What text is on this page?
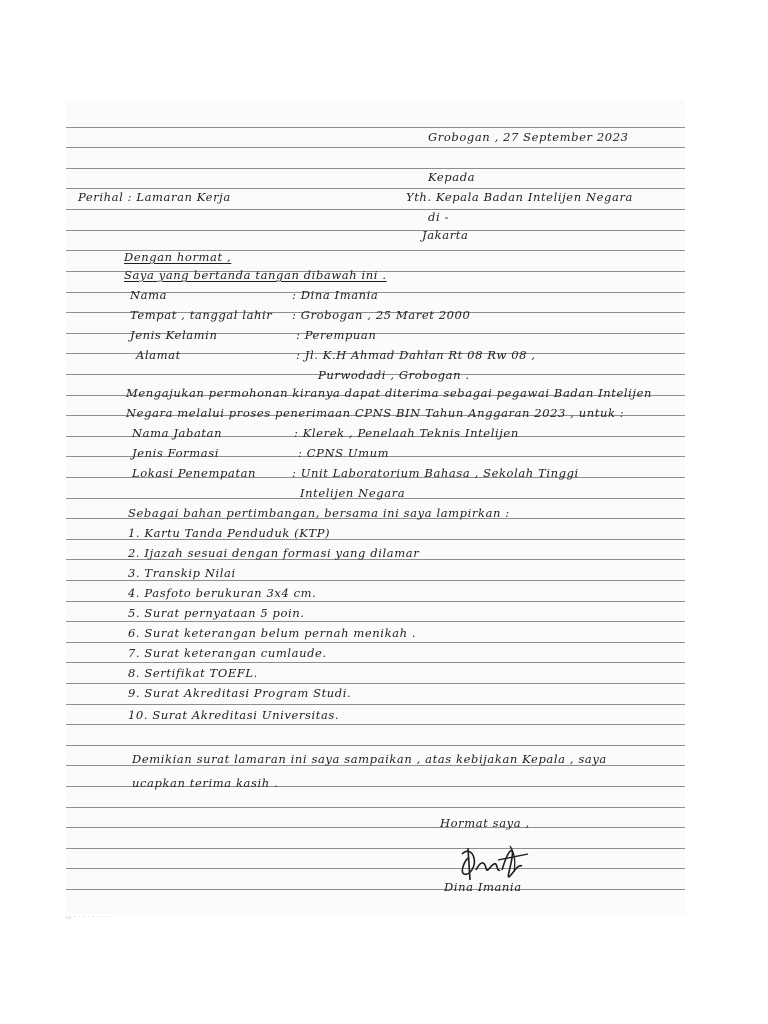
Grobogan , 27 September 2023
Kepada
Perihal : Lamaran Kerja	Yth. Kepala Badan Intelijen Negara
di -
Jakarta
Dengan hormat ,
Saya yang bertanda tangan dibawah ini .
Nama	: Dina Imania
Tempat , tanggal lahir : Grobogan , 25 Maret 2000
Jenis Kelamin	: Perempuan
Alamat	: Jl. K.H Ahmad Dahlan Rt 08 Rw 08 ,
Purwodadi , Grobogan .
Mengajukan permohonan kiranya dapat diterima sebagai pegawai Badan Intelijen
Negara melalui proses penerimaan CPNS BIN Tahun Anggaran 2023 , untuk :
Nama Jabatan	: Klerek , Penelaah Teknis Intelijen
Jenis Formasi	: CPNS Umum
Lokasi Penempatan	: Unit Laboratorium Bahasa , Sekolah Tinggi
Intelijen Negara
Sebagai bahan pertimbangan, bersama ini saya lampirkan :
1. Kartu Tanda Penduduk (KTP)
2. Ijazah sesuai dengan formasi yang dilamar
3. Transkip Nilai
4. Pasfoto berukuran 3x4 cm.
5. Surat pernyataan 5 poin.
6. Surat keterangan belum pernah menikah .
7. Surat keterangan cumlaude.
8. Sertifikat TOEFL.
9. Surat Akreditasi Program Studi.
10. Surat Akreditasi Universitas.
Demikian surat lamaran ini saya sampaikan , atas kebijakan Kepala , saya
ucapkan terima kasih .
Hormat saya ,
Dina Imania
▭ · · · · · · · · ·
